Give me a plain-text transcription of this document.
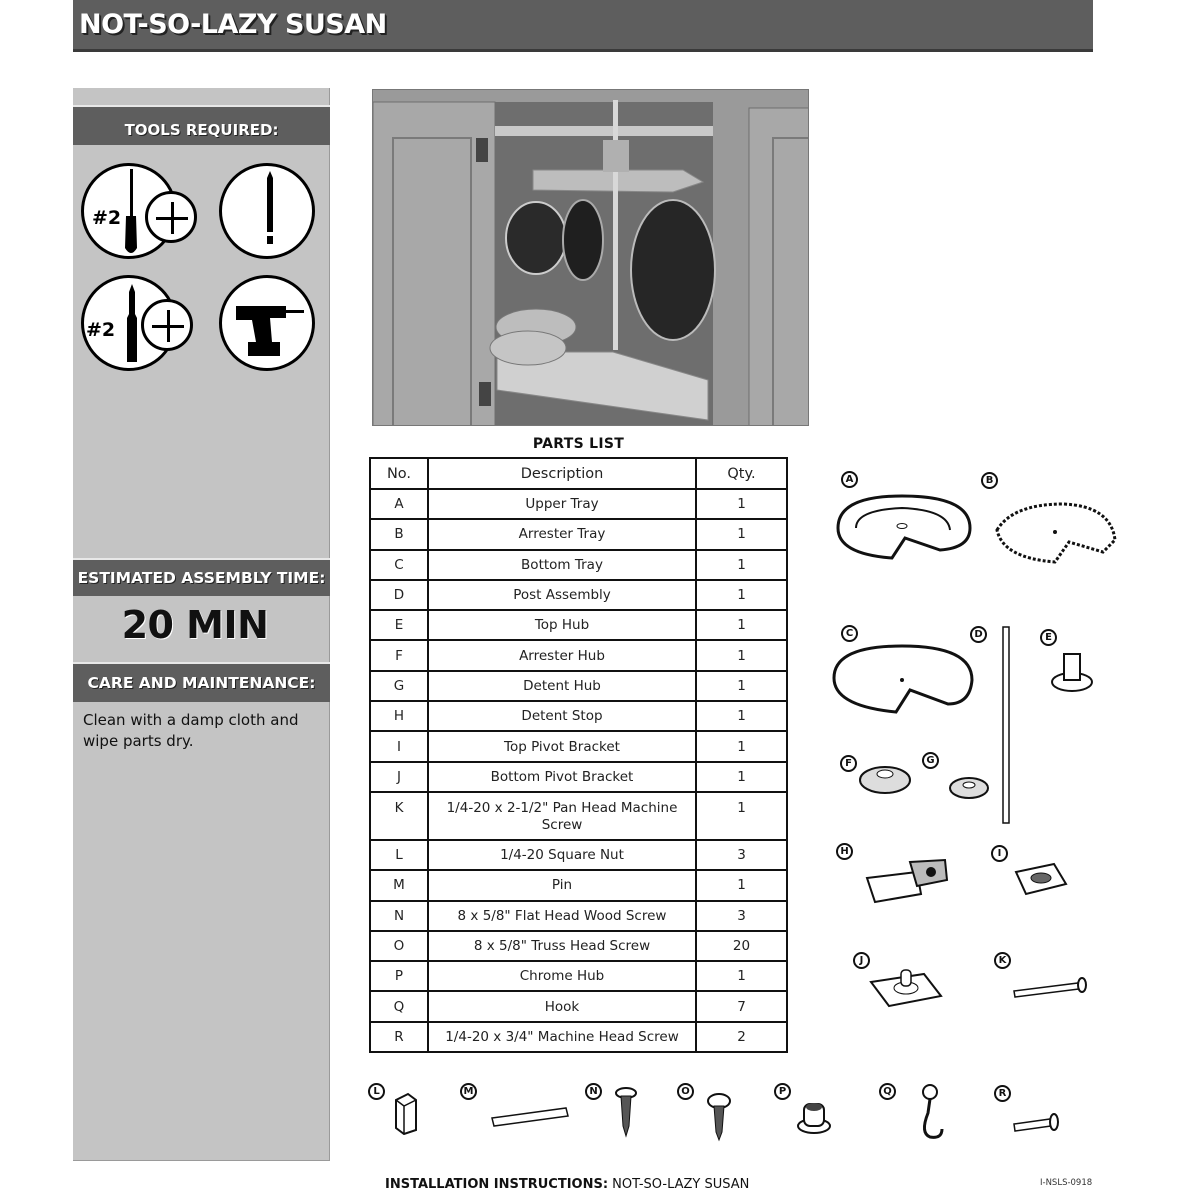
NOT-SO-LAZY SUSAN
TOOLS REQUIRED:
#2
#2
ESTIMATED ASSEMBLY TIME:
20 MIN
CARE AND MAINTENANCE:
Clean with a damp cloth and wipe parts dry.
PARTS LIST
No.	Description	Qty.
A	Upper Tray	1
B	Arrester Tray	1
C	Bottom Tray	1
D	Post Assembly	1
E	Top Hub	1
F	Arrester Hub	1
G	Detent Hub	1
H	Detent Stop	1
I	Top Pivot Bracket	1
J	Bottom Pivot Bracket	1
K	1/4-20 x 2-1/2" Pan Head Machine Screw	1
L	1/4-20 Square Nut	3
M	Pin	1
N	8 x 5/8" Flat Head Wood Screw	3
O	8 x 5/8" Truss Head Screw	20
P	Chrome Hub	1
Q	Hook	7
R	1/4-20 x 3/4" Machine Head Screw	2
A	B
C	D	E
F	G
H	I
J	K
L	M	N	O	P	Q	R
INSTALLATION INSTRUCTIONS: NOT-SO-LAZY SUSAN	I-NSLS-0918
